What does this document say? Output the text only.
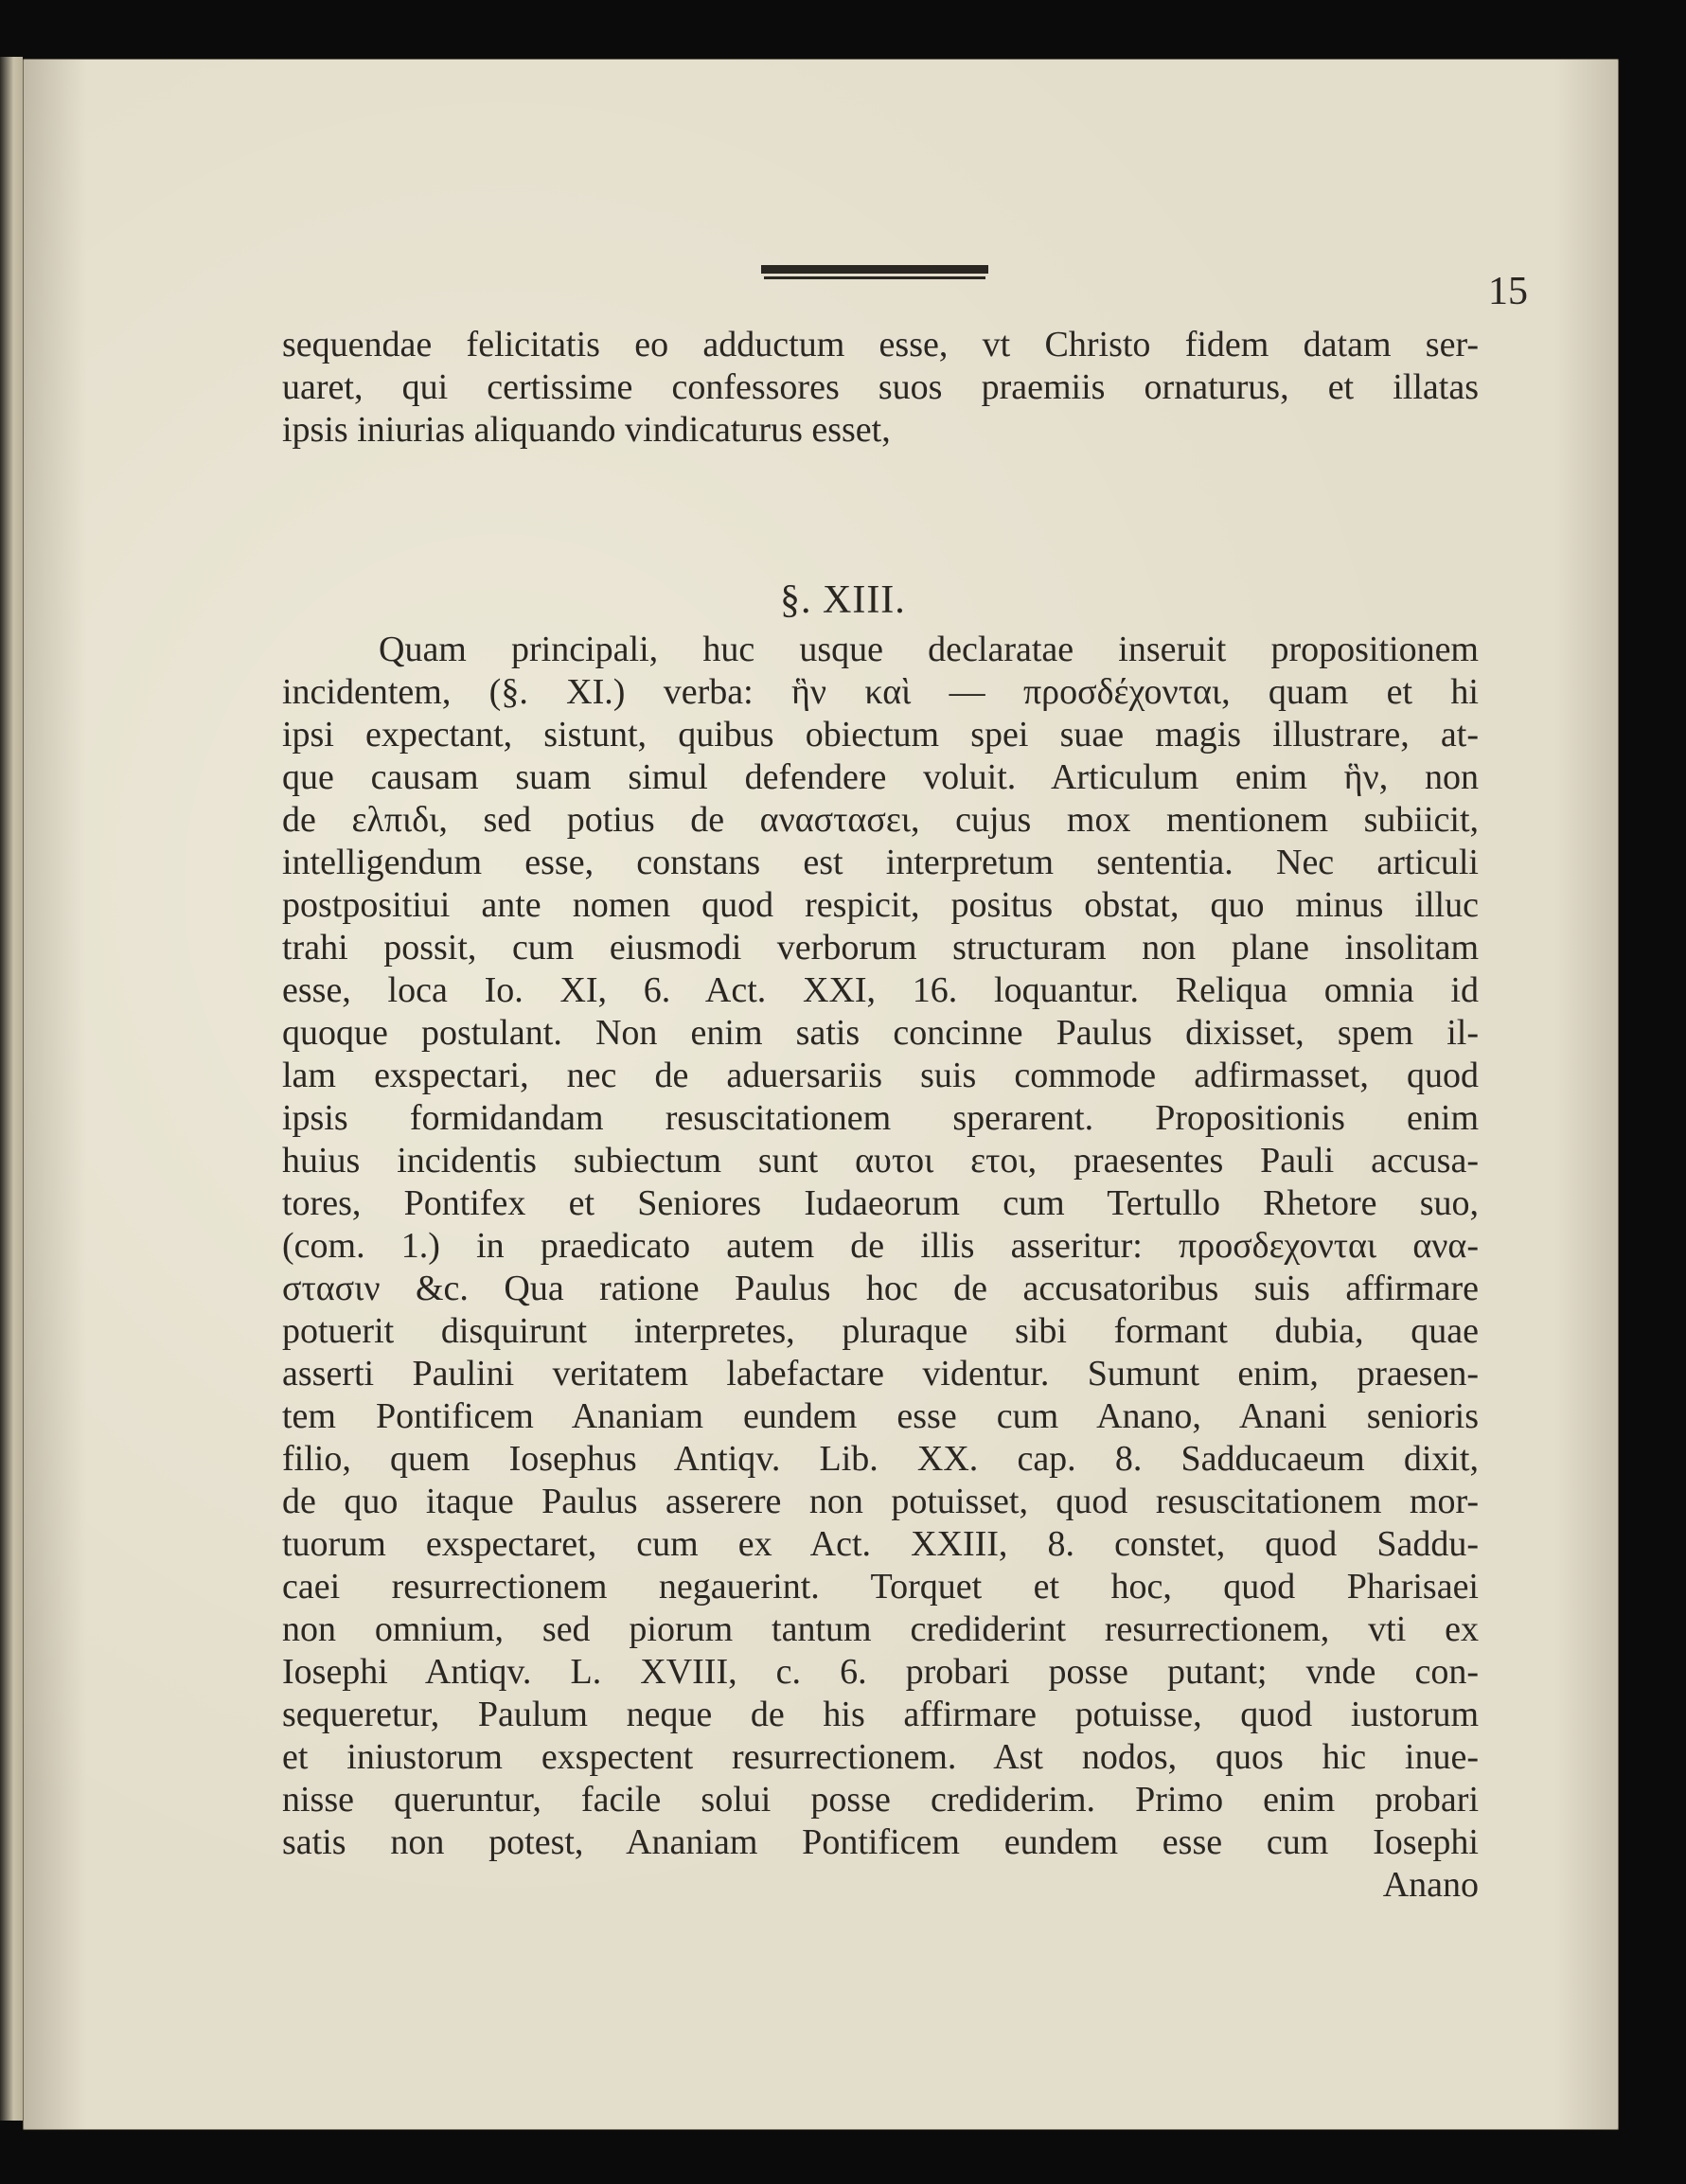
15
sequendae felicitatis eo adductum esse, vt Christo fidem datam ser-
uaret, qui certissime confessores suos praemiis ornaturus, et illatas
ipsis iniurias aliquando vindicaturus esset,
§. XIII.
Quam principali, huc usque declaratae inseruit propositionem
incidentem, (§. XI.) verba: ἣν καὶ — προσδέχονται, quam et hi
ipsi expectant, sistunt, quibus obiectum spei suae magis illustrare, at-
que causam suam simul defendere voluit. Articulum enim ἣν, non
de ελπιδι, sed potius de αναστασει, cujus mox mentionem subiicit,
intelligendum esse, constans est interpretum sententia. Nec articuli
postpositiui ante nomen quod respicit, positus obstat, quo minus illuc
trahi possit, cum eiusmodi verborum structuram non plane insolitam
esse, loca Io. XI, 6. Act. XXI, 16. loquantur. Reliqua omnia id
quoque postulant. Non enim satis concinne Paulus dixisset, spem il-
lam exspectari, nec de aduersariis suis commode adfirmasset, quod
ipsis formidandam resuscitationem sperarent. Propositionis enim
huius incidentis subiectum sunt αυτοι ετοι, praesentes Pauli accusa-
tores, Pontifex et Seniores Iudaeorum cum Tertullo Rhetore suo,
(com. 1.) in praedicato autem de illis asseritur: προσδεχονται ανα-
στασιν &c. Qua ratione Paulus hoc de accusatoribus suis affirmare
potuerit disquirunt interpretes, pluraque sibi formant dubia, quae
asserti Paulini veritatem labefactare videntur. Sumunt enim, praesen-
tem Pontificem Ananiam eundem esse cum Anano, Anani senioris
filio, quem Iosephus Antiqv. Lib. XX. cap. 8. Sadducaeum dixit,
de quo itaque Paulus asserere non potuisset, quod resuscitationem mor-
tuorum exspectaret, cum ex Act. XXIII, 8. constet, quod Saddu-
caei resurrectionem negauerint. Torquet et hoc, quod Pharisaei
non omnium, sed piorum tantum crediderint resurrectionem, vti ex
Iosephi Antiqv. L. XVIII, c. 6. probari posse putant; vnde con-
sequeretur, Paulum neque de his affirmare potuisse, quod iustorum
et iniustorum exspectent resurrectionem. Ast nodos, quos hic inue-
nisse queruntur, facile solui posse crediderim. Primo enim probari
satis non potest, Ananiam Pontificem eundem esse cum Iosephi
Anano
